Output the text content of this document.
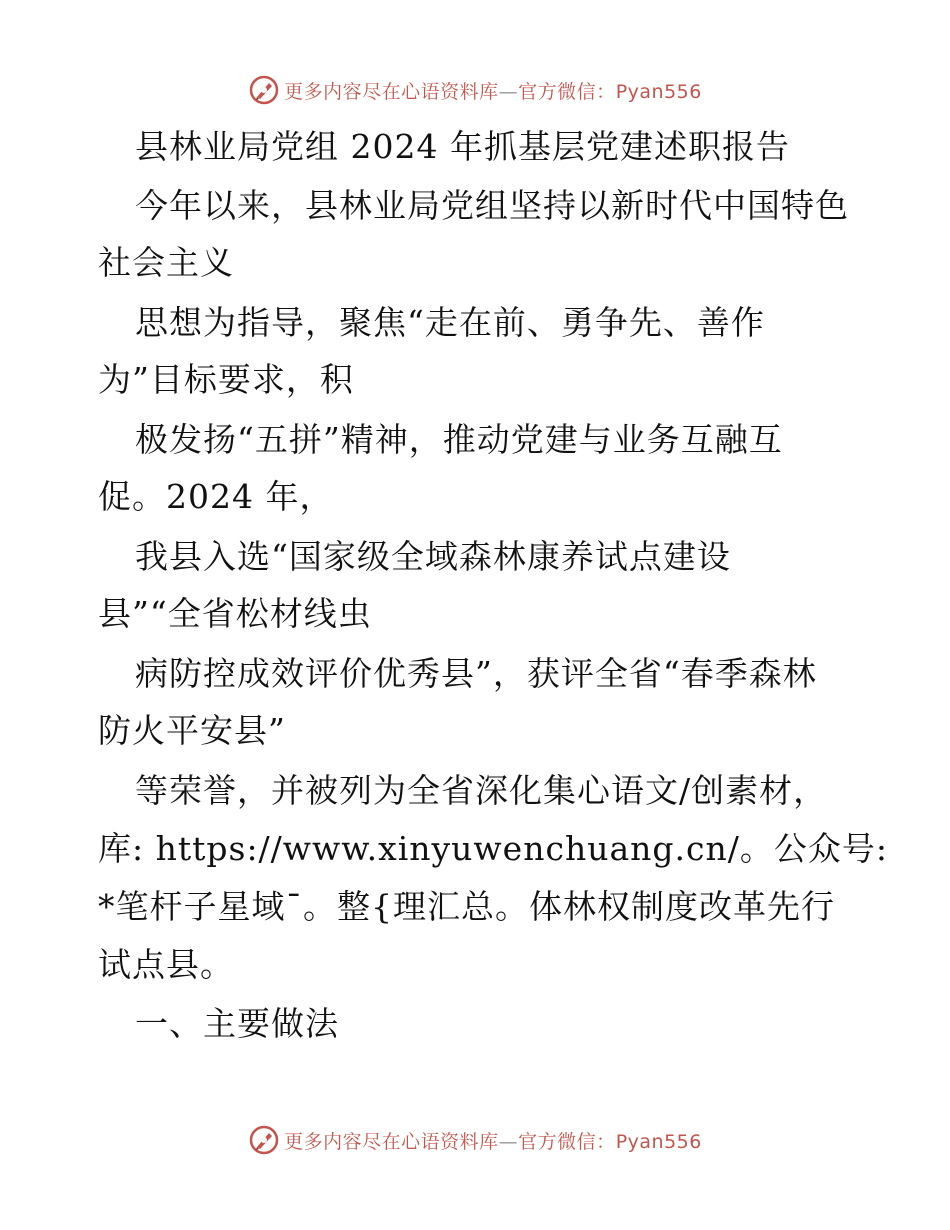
更多内容尽在心语资料库—官方微信：Pyan556
县林业局党组 2024 年抓基层党建述职报告
今年以来，县林业局党组坚持以新时代中国特色
社会主义
思想为指导，聚焦“走在前、勇争先、善作
为”目标要求，积
极发扬“五拼”精神，推动党建与业务互融互
促。2024 年，
我县入选“国家级全域森林康养试点建设
县”“全省松材线虫
病防控成效评价优秀县”，获评全省“春季森林
防火平安县”
等荣誉，并被列为全省深化集心语文/创素材，
库: https://www.xinyuwenchuang.cn/。公众号:
*笔杆子星域¯。整{理汇总。体林权制度改革先行
试点县。
一、主要做法
更多内容尽在心语资料库—官方微信：Pyan556
